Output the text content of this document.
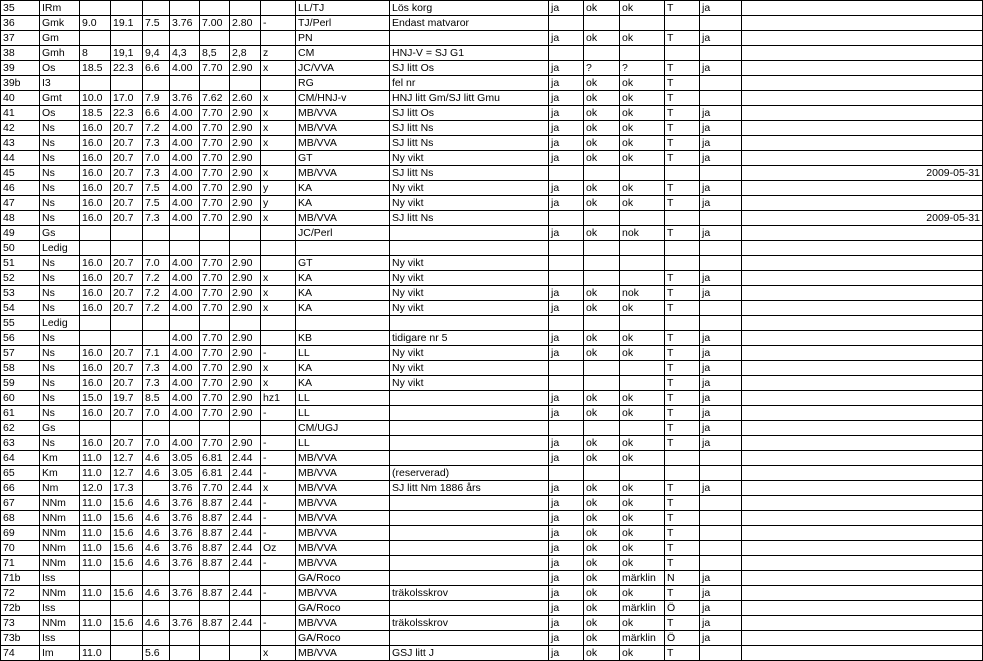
35	IRm								LL/TJ	Lös korg	ja	ok	ok	T	ja	
36	Gmk	9.0	19.1	7.5	3.76	7.00	2.80	-	TJ/Perl	Endast matvaror						
37	Gm								PN		ja	ok	ok	T	ja	
38	Gmh	8	19,1	9,4	4,3	8,5	2,8	z	CM	HNJ-V = SJ G1						
39	Os	18.5	22.3	6.6	4.00	7.70	2.90	x	JC/VVA	SJ litt Os	ja	?	?	T	ja	
39b	I3								RG	fel nr	ja	ok	ok	T		
40	Gmt	10.0	17.0	7.9	3.76	7.62	2.60	x	CM/HNJ-v	HNJ litt Gm/SJ litt Gmu	ja	ok	ok	T		
41	Os	18.5	22.3	6.6	4.00	7.70	2.90	x	MB/VVA	SJ litt Os	ja	ok	ok	T	ja	
42	Ns	16.0	20.7	7.2	4.00	7.70	2.90	x	MB/VVA	SJ litt Ns	ja	ok	ok	T	ja	
43	Ns	16.0	20.7	7.3	4.00	7.70	2.90	x	MB/VVA	SJ litt Ns	ja	ok	ok	T	ja	
44	Ns	16.0	20.7	7.0	4.00	7.70	2.90		GT	Ny vikt	ja	ok	ok	T	ja	
45	Ns	16.0	20.7	7.3	4.00	7.70	2.90	x	MB/VVA	SJ litt Ns						2009-05-31
46	Ns	16.0	20.7	7.5	4.00	7.70	2.90	y	KA	Ny vikt	ja	ok	ok	T	ja	
47	Ns	16.0	20.7	7.5	4.00	7.70	2.90	y	KA	Ny vikt	ja	ok	ok	T	ja	
48	Ns	16.0	20.7	7.3	4.00	7.70	2.90	x	MB/VVA	SJ litt Ns						2009-05-31
49	Gs								JC/Perl		ja	ok	nok	T	ja	
50	Ledig															
51	Ns	16.0	20.7	7.0	4.00	7.70	2.90		GT	Ny vikt						
52	Ns	16.0	20.7	7.2	4.00	7.70	2.90	x	KA	Ny vikt				T	ja	
53	Ns	16.0	20.7	7.2	4.00	7.70	2.90	x	KA	Ny vikt	ja	ok	nok	T	ja	
54	Ns	16.0	20.7	7.2	4.00	7.70	2.90	x	KA	Ny vikt	ja	ok	ok	T		
55	Ledig															
56	Ns				4.00	7.70	2.90		KB	tidigare nr 5	ja	ok	ok	T	ja	
57	Ns	16.0	20.7	7.1	4.00	7.70	2.90	-	LL	Ny vikt	ja	ok	ok	T	ja	
58	Ns	16.0	20.7	7.3	4.00	7.70	2.90	x	KA	Ny vikt				T	ja	
59	Ns	16.0	20.7	7.3	4.00	7.70	2.90	x	KA	Ny vikt				T	ja	
60	Ns	15.0	19.7	8.5	4.00	7.70	2.90	hz1	LL		ja	ok	ok	T	ja	
61	Ns	16.0	20.7	7.0	4.00	7.70	2.90	-	LL		ja	ok	ok	T	ja	
62	Gs								CM/UGJ					T	ja	
63	Ns	16.0	20.7	7.0	4.00	7.70	2.90	-	LL		ja	ok	ok	T	ja	
64	Km	11.0	12.7	4.6	3.05	6.81	2.44	-	MB/VVA		ja	ok	ok			
65	Km	11.0	12.7	4.6	3.05	6.81	2.44	-	MB/VVA	(reserverad)						
66	Nm	12.0	17.3		3.76	7.70	2.44	x	MB/VVA	SJ litt Nm 1886 års	ja	ok	ok	T	ja	
67	NNm	11.0	15.6	4.6	3.76	8.87	2.44	-	MB/VVA		ja	ok	ok	T		
68	NNm	11.0	15.6	4.6	3.76	8.87	2.44	-	MB/VVA		ja	ok	ok	T		
69	NNm	11.0	15.6	4.6	3.76	8.87	2.44	-	MB/VVA		ja	ok	ok	T		
70	NNm	11.0	15.6	4.6	3.76	8.87	2.44	Oz	MB/VVA		ja	ok	ok	T		
71	NNm	11.0	15.6	4.6	3.76	8.87	2.44	-	MB/VVA		ja	ok	ok	T		
71b	Iss								GA/Roco		ja	ok	märklin	N	ja	
72	NNm	11.0	15.6	4.6	3.76	8.87	2.44	-	MB/VVA	träkolsskrov	ja	ok	ok	T	ja	
72b	Iss								GA/Roco		ja	ok	märklin	Ö	ja	
73	NNm	11.0	15.6	4.6	3.76	8.87	2.44	-	MB/VVA	träkolsskrov	ja	ok	ok	T	ja	
73b	Iss								GA/Roco		ja	ok	märklin	Ö	ja	
74	Im	11.0		5.6				x	MB/VVA	GSJ litt J	ja	ok	ok	T		
